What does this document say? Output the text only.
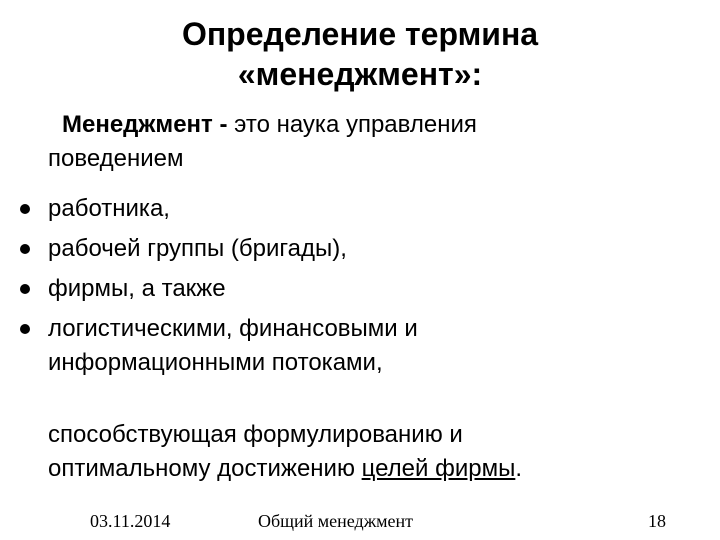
Определение термина
«менеджмент»:
Менеджмент - это наука управления
поведением
работника,
рабочей группы (бригады),
фирмы, а также
логистическими, финансовыми и
информационными потоками,
способствующая формулированию и
оптимальному достижению целей фирмы.
03.11.2014	Общий менеджмент	18
